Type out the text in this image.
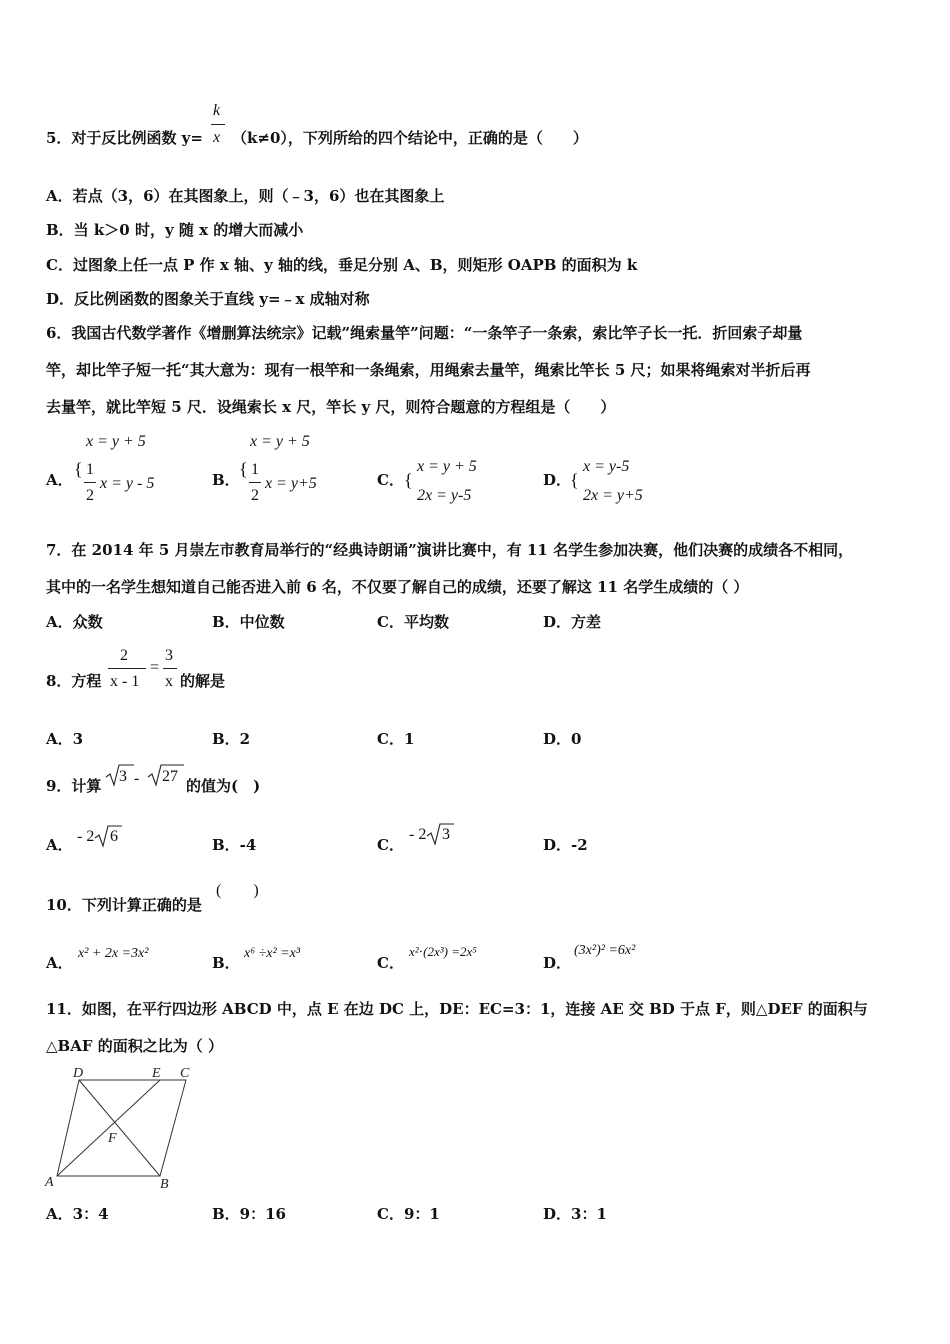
5．对于反比例函数 y=
k
x （k≠0），下列所给的四个结论中，正确的是（　　）
A．若点（3，6）在其图象上，则（﹣3，6）也在其图象上
B．当 k＞0 时，y 随 x 的增大而减小
C．过图象上任一点 P 作 x 轴、y 轴的线，垂足分别 A、B，则矩形 OAPB 的面积为 k
D．反比例函数的图象关于直线 y=﹣x 成轴对称
6．我国古代数学著作《增删算法统宗》记载”绳索量竿”问题：“一条竿子一条索，索比竿子长一托．折回索子却量
竿，却比竿子短一托“其大意为：现有一根竿和一条绳索，用绳索去量竿，绳索比竿长 5 尺；如果将绳索对半折后再
去量竿，就比竿短 5 尺．设绳索长 x 尺，竿长 y 尺，则符合题意的方程组是（　　）
A．
x = y + 5
{ 1
2
x = y - 5	B．
x = y + 5
{ 1
2
x = y+5	C． {
x = y + 5
2x = y-5
D．
{
x = y-5
2x = y+5
7．在 2014 年 5 月崇左市教育局举行的“经典诗朗诵”演讲比赛中，有 11 名学生参加决赛，他们决赛的成绩各不相同，
其中的一名学生想知道自己能否进入前 6 名，不仅要了解自己的成绩，还要了解这 11 名学生成绩的（ ）
A．众数	B．中位数	C．平均数	D．方差
8．方程
2
x - 1
=
3
x 的解是
A．3	B．2	C．1	D．0
9．计算
3 - 27
的值为(　)
A． - 2 6	B．-4	C．
- 2 3
D．-2
10．下列计算正确的是
(　　)
A．
x² + 2x =3x²
B．
x⁶ ÷x² =x³
C．
x²⋅(2x³) =2x⁵
D．
(3x²)² =6x²
11．如图，在平行四边形 ABCD 中，点 E 在边 DC 上，DE：EC=3：1，连接 AE 交 BD 于点 F，则△DEF 的面积与
△BAF 的面积之比为（ ）
D	E C
F
A	B
A．3：4	B．9：16	C．9：1	D．3：1
